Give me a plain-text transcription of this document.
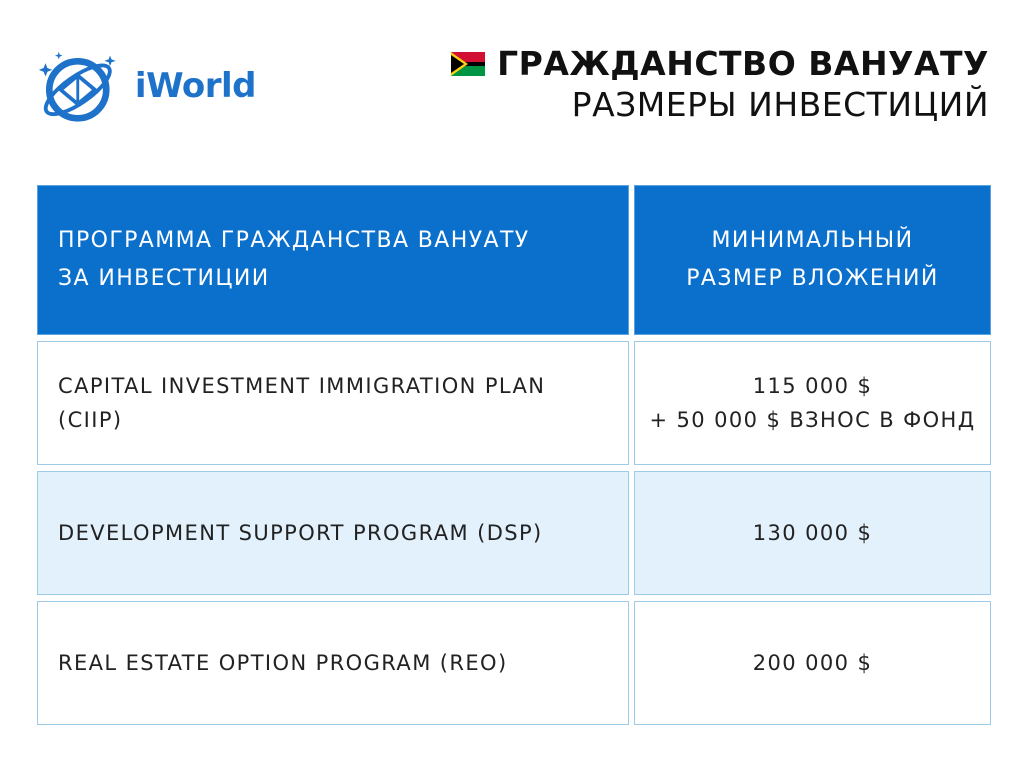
iWorld
ГРАЖДАНСТВО ВАНУАТУ
РАЗМЕРЫ ИНВЕСТИЦИЙ
ПРОГРАММА ГРАЖДАНСТВА ВАНУАТУ
ЗА ИНВЕСТИЦИИ
МИНИМАЛЬНЫЙ
РАЗМЕР ВЛОЖЕНИЙ
CAPITAL INVESTMENT IMMIGRATION PLAN
(CIIP)
115 000 $
+ 50 000 $ ВЗНОС В ФОНД
DEVELOPMENT SUPPORT PROGRAM (DSP)	130 000 $
REAL ESTATE OPTION PROGRAM (REO)	200 000 $
